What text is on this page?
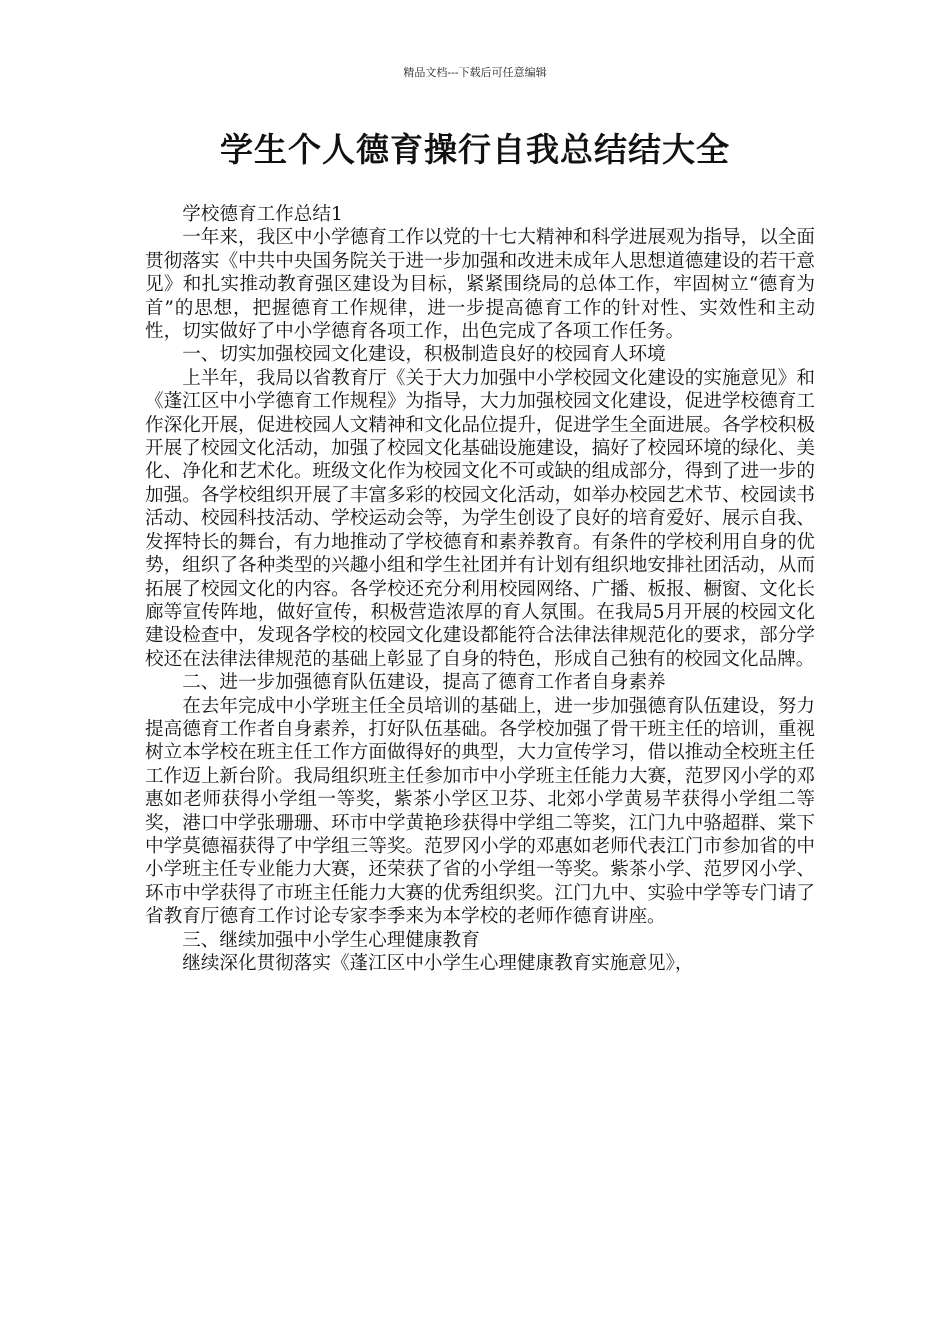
精品文档---下载后可任意编辑
学生个人德育操行自我总结结大全

学校德育工作总结1

一年来，我区中小学德育工作以党的十七大精神和科学进展观为指导，以全面贯彻落实《中共中央国务院关于进一步加强和改进未成年人思想道德建设的若干意见》和扎实推动教育强区建设为目标，紧紧围绕局的总体工作，牢固树立“德育为首”的思想，把握德育工作规律，进一步提高德育工作的针对性、实效性和主动性，切实做好了中小学德育各项工作，出色完成了各项工作任务。

一、切实加强校园文化建设，积极制造良好的校园育人环境

上半年，我局以省教育厅《关于大力加强中小学校园文化建设的实施意见》和《蓬江区中小学德育工作规程》为指导，大力加强校园文化建设，促进学校德育工作深化开展，促进校园人文精神和文化品位提升，促进学生全面进展。各学校积极开展了校园文化活动，加强了校园文化基础设施建设，搞好了校园环境的绿化、美化、净化和艺术化。班级文化作为校园文化不可或缺的组成部分，得到了进一步的加强。各学校组织开展了丰富多彩的校园文化活动，如举办校园艺术节、校园读书活动、校园科技活动、学校运动会等，为学生创设了良好的培育爱好、展示自我、发挥特长的舞台，有力地推动了学校德育和素养教育。有条件的学校利用自身的优势，组织了各种类型的兴趣小组和学生社团并有计划有组织地安排社团活动，从而拓展了校园文化的内容。各学校还充分利用校园网络、广播、板报、橱窗、文化长廊等宣传阵地，做好宣传，积极营造浓厚的育人氛围。在我局5月开展的校园文化建设检查中，发现各学校的校园文化建设都能符合法律法律规范化的要求，部分学校还在法律法律规范的基础上彰显了自身的特色，形成自己独有的校园文化品牌。

二、进一步加强德育队伍建设，提高了德育工作者自身素养

在去年完成中小学班主任全员培训的基础上，进一步加强德育队伍建设，努力提高德育工作者自身素养，打好队伍基础。各学校加强了骨干班主任的培训，重视树立本学校在班主任工作方面做得好的典型，大力宣传学习，借以推动全校班主任工作迈上新台阶。我局组织班主任参加市中小学班主任能力大赛，范罗冈小学的邓惠如老师获得小学组一等奖，紫茶小学区卫芬、北郊小学黄易芊获得小学组二等奖，港口中学张珊珊、环市中学黄艳珍获得中学组二等奖，江门九中骆超群、棠下中学莫德福获得了中学组三等奖。范罗冈小学的邓惠如老师代表江门市参加省的中小学班主任专业能力大赛，还荣获了省的小学组一等奖。紫茶小学、范罗冈小学、环市中学获得了市班主任能力大赛的优秀组织奖。江门九中、实验中学等专门请了省教育厅德育工作讨论专家李季来为本学校的老师作德育讲座。

三、继续加强中小学生心理健康教育

继续深化贯彻落实《蓬江区中小学生心理健康教育实施意见》，
